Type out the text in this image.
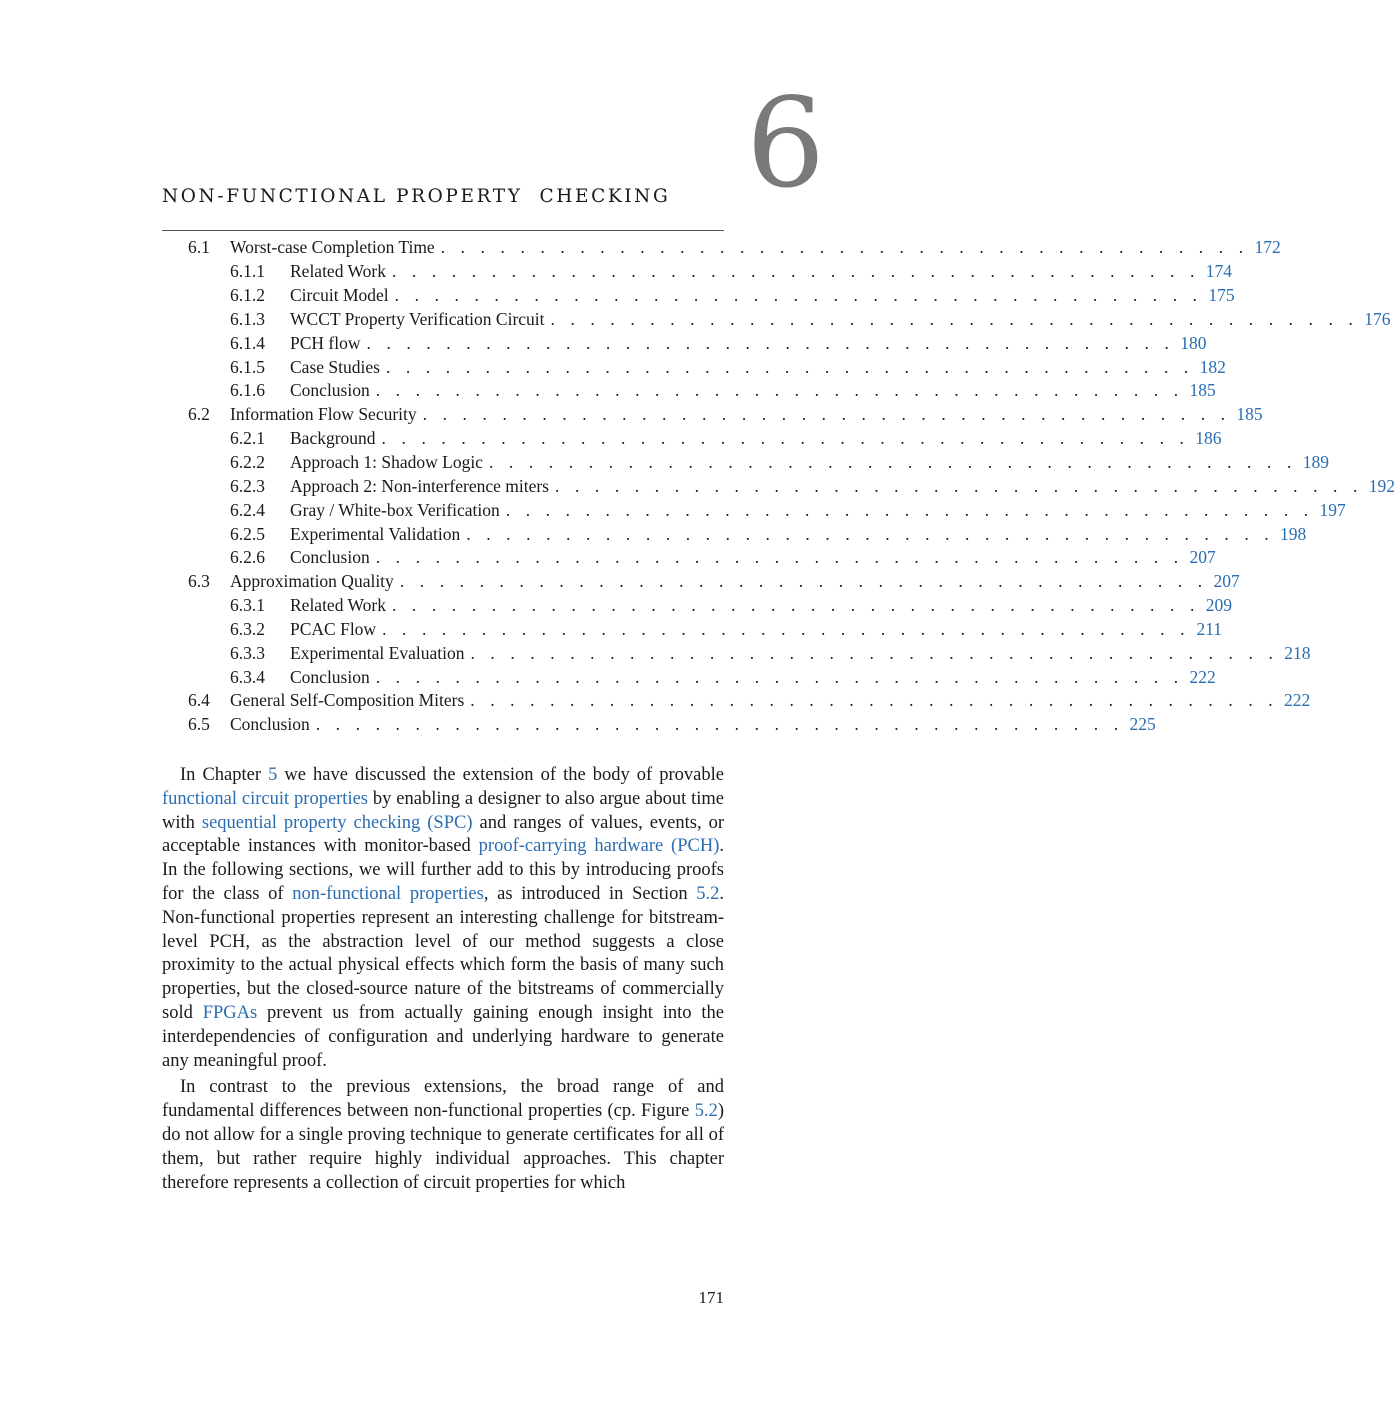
6
NON-FUNCTIONAL PROPERTY  CHECKING
6.1	Worst-case Completion Time . . . . . . . . . . . . . . . . . . . . . . . . . . . . . . . . . . . . . . . . . 172
6.1.1	Related Work . . . . . . . . . . . . . . . . . . . . . . . . . . . . . . . . . . . . . . . . . 174
6.1.2	Circuit Model . . . . . . . . . . . . . . . . . . . . . . . . . . . . . . . . . . . . . . . . . 175
6.1.3	WCCT Property Verification Circuit . . . . . . . . . . . . . . . . . . . . . . . . . . . . . . . . . . . . . . . . . 176
6.1.4	PCH flow . . . . . . . . . . . . . . . . . . . . . . . . . . . . . . . . . . . . . . . . . 180
6.1.5	Case Studies . . . . . . . . . . . . . . . . . . . . . . . . . . . . . . . . . . . . . . . . . 182
6.1.6	Conclusion . . . . . . . . . . . . . . . . . . . . . . . . . . . . . . . . . . . . . . . . . 185
6.2	Information Flow Security . . . . . . . . . . . . . . . . . . . . . . . . . . . . . . . . . . . . . . . . . 185
6.2.1	Background . . . . . . . . . . . . . . . . . . . . . . . . . . . . . . . . . . . . . . . . . 186
6.2.2	Approach 1: Shadow Logic . . . . . . . . . . . . . . . . . . . . . . . . . . . . . . . . . . . . . . . . . 189
6.2.3	Approach 2: Non-interference miters . . . . . . . . . . . . . . . . . . . . . . . . . . . . . . . . . . . . . . . . . 192
6.2.4	Gray / White-box Verification . . . . . . . . . . . . . . . . . . . . . . . . . . . . . . . . . . . . . . . . . 197
6.2.5	Experimental Validation . . . . . . . . . . . . . . . . . . . . . . . . . . . . . . . . . . . . . . . . . 198
6.2.6	Conclusion . . . . . . . . . . . . . . . . . . . . . . . . . . . . . . . . . . . . . . . . . 207
6.3	Approximation Quality . . . . . . . . . . . . . . . . . . . . . . . . . . . . . . . . . . . . . . . . . 207
6.3.1	Related Work . . . . . . . . . . . . . . . . . . . . . . . . . . . . . . . . . . . . . . . . . 209
6.3.2	PCAC Flow . . . . . . . . . . . . . . . . . . . . . . . . . . . . . . . . . . . . . . . . . 211
6.3.3	Experimental Evaluation . . . . . . . . . . . . . . . . . . . . . . . . . . . . . . . . . . . . . . . . . 218
6.3.4	Conclusion . . . . . . . . . . . . . . . . . . . . . . . . . . . . . . . . . . . . . . . . . 222
6.4	General Self-Composition Miters . . . . . . . . . . . . . . . . . . . . . . . . . . . . . . . . . . . . . . . . . 222
6.5	Conclusion . . . . . . . . . . . . . . . . . . . . . . . . . . . . . . . . . . . . . . . . . 225

In Chapter 5 we have discussed the extension of the body of provable functional circuit properties by enabling a designer to also argue about time with sequential property checking (SPC) and ranges of values, events, or acceptable instances with monitor-based proof-carrying hardware (PCH). In the following sections, we will further add to this by introducing proofs for the class of non-functional properties, as introduced in Section 5.2. Non-functional properties represent an interesting challenge for bitstream-level PCH, as the abstraction level of our method suggests a close proximity to the actual physical effects which form the basis of many such properties, but the closed-source nature of the bitstreams of commercially sold FPGAs prevent us from actually gaining enough insight into the interdependencies of configuration and underlying hardware to generate any meaningful proof.

In contrast to the previous extensions, the broad range of and fundamental differences between non-functional properties (cp. Figure 5.2) do not allow for a single proving technique to generate certificates for all of them, but rather require highly individual approaches. This chapter therefore represents a collection of circuit properties for which

171
